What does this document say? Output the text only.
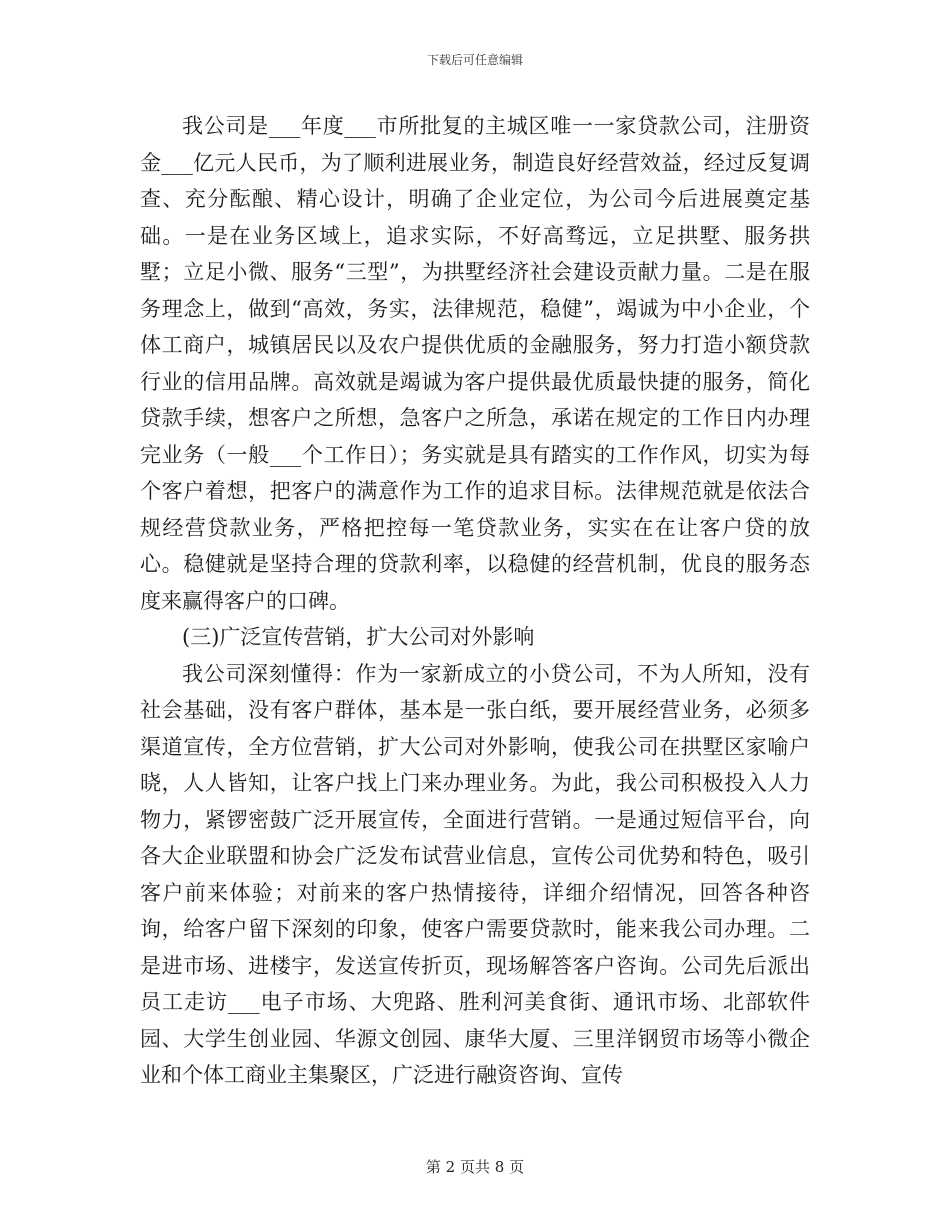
下载后可任意编辑

我公司是___年度___市所批复的主城区唯一一家贷款公司，注册资金___亿元人民币，为了顺利进展业务，制造良好经营效益，经过反复调查、充分酝酿、精心设计，明确了企业定位，为公司今后进展奠定基础。一是在业务区域上，追求实际，不好高骛远，立足拱墅、服务拱墅；立足小微、服务“三型”，为拱墅经济社会建设贡献力量。二是在服务理念上，做到“高效，务实，法律规范，稳健”，竭诚为中小企业，个体工商户，城镇居民以及农户提供优质的金融服务，努力打造小额贷款行业的信用品牌。高效就是竭诚为客户提供最优质最快捷的服务，简化贷款手续，想客户之所想，急客户之所急，承诺在规定的工作日内办理完业务（一般___个工作日）；务实就是具有踏实的工作作风，切实为每个客户着想，把客户的满意作为工作的追求目标。法律规范就是依法合规经营贷款业务，严格把控每一笔贷款业务，实实在在让客户贷的放心。稳健就是坚持合理的贷款利率，以稳健的经营机制，优良的服务态度来赢得客户的口碑。

(三)广泛宣传营销，扩大公司对外影响

我公司深刻懂得：作为一家新成立的小贷公司，不为人所知，没有社会基础，没有客户群体，基本是一张白纸，要开展经营业务，必须多渠道宣传，全方位营销，扩大公司对外影响，使我公司在拱墅区家喻户晓，人人皆知，让客户找上门来办理业务。为此，我公司积极投入人力物力，紧锣密鼓广泛开展宣传，全面进行营销。一是通过短信平台，向各大企业联盟和协会广泛发布试营业信息，宣传公司优势和特色，吸引客户前来体验；对前来的客户热情接待，详细介绍情况，回答各种咨询，给客户留下深刻的印象，使客户需要贷款时，能来我公司办理。二是进市场、进楼宇，发送宣传折页，现场解答客户咨询。公司先后派出员工走访___电子市场、大兜路、胜利河美食街、通讯市场、北部软件园、大学生创业园、华源文创园、康华大厦、三里洋钢贸市场等小微企业和个体工商业主集聚区，广泛进行融资咨询、宣传

第 2 页共 8 页
